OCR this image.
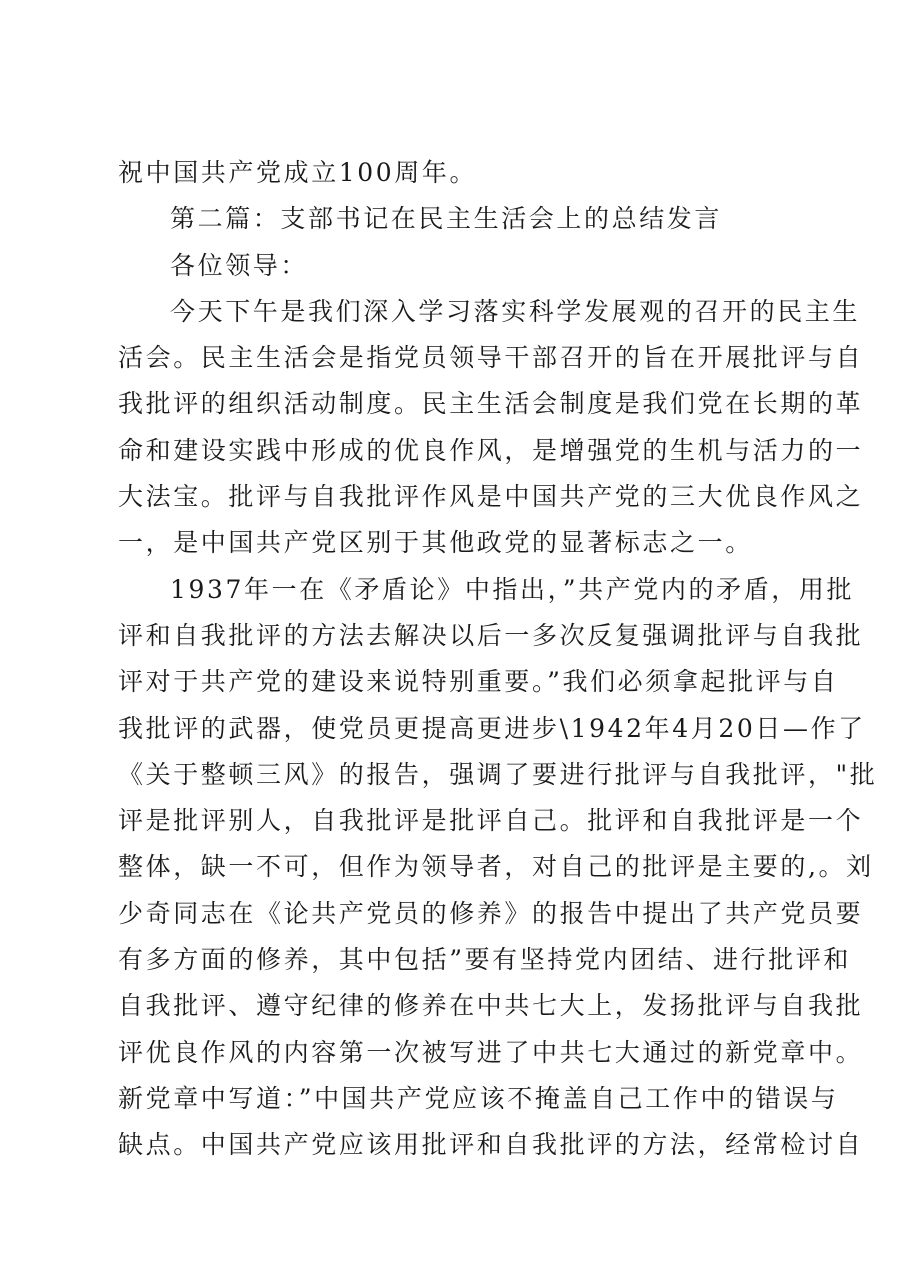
祝中国共产党成立100周年。
第二篇：支部书记在民主生活会上的总结发言
各位领导：
今天下午是我们深入学习落实科学发展观的召开的民主生
活会。民主生活会是指党员领导干部召开的旨在开展批评与自
我批评的组织活动制度。民主生活会制度是我们党在长期的革
命和建设实践中形成的优良作风，是增强党的生机与活力的一
大法宝。批评与自我批评作风是中国共产党的三大优良作风之
一，是中国共产党区别于其他政党的显著标志之一。
1937年一在《矛盾论》中指出，”共产党内的矛盾，用批
评和自我批评的方法去解决以后一多次反复强调批评与自我批
评对于共产党的建设来说特别重要。”我们必须拿起批评与自
我批评的武器，使党员更提高更进步\1942年4月20日—作了
《关于整顿三风》的报告，强调了要进行批评与自我批评，"批
评是批评别人，自我批评是批评自己。批评和自我批评是一个
整体，缺一不可，但作为领导者，对自己的批评是主要的,。刘
少奇同志在《论共产党员的修养》的报告中提出了共产党员要
有多方面的修养，其中包括”要有坚持党内团结、进行批评和
自我批评、遵守纪律的修养在中共七大上，发扬批评与自我批
评优良作风的内容第一次被写进了中共七大通过的新党章中。
新党章中写道：”中国共产党应该不掩盖自己工作中的错误与
缺点。中国共产党应该用批评和自我批评的方法，经常检讨自
